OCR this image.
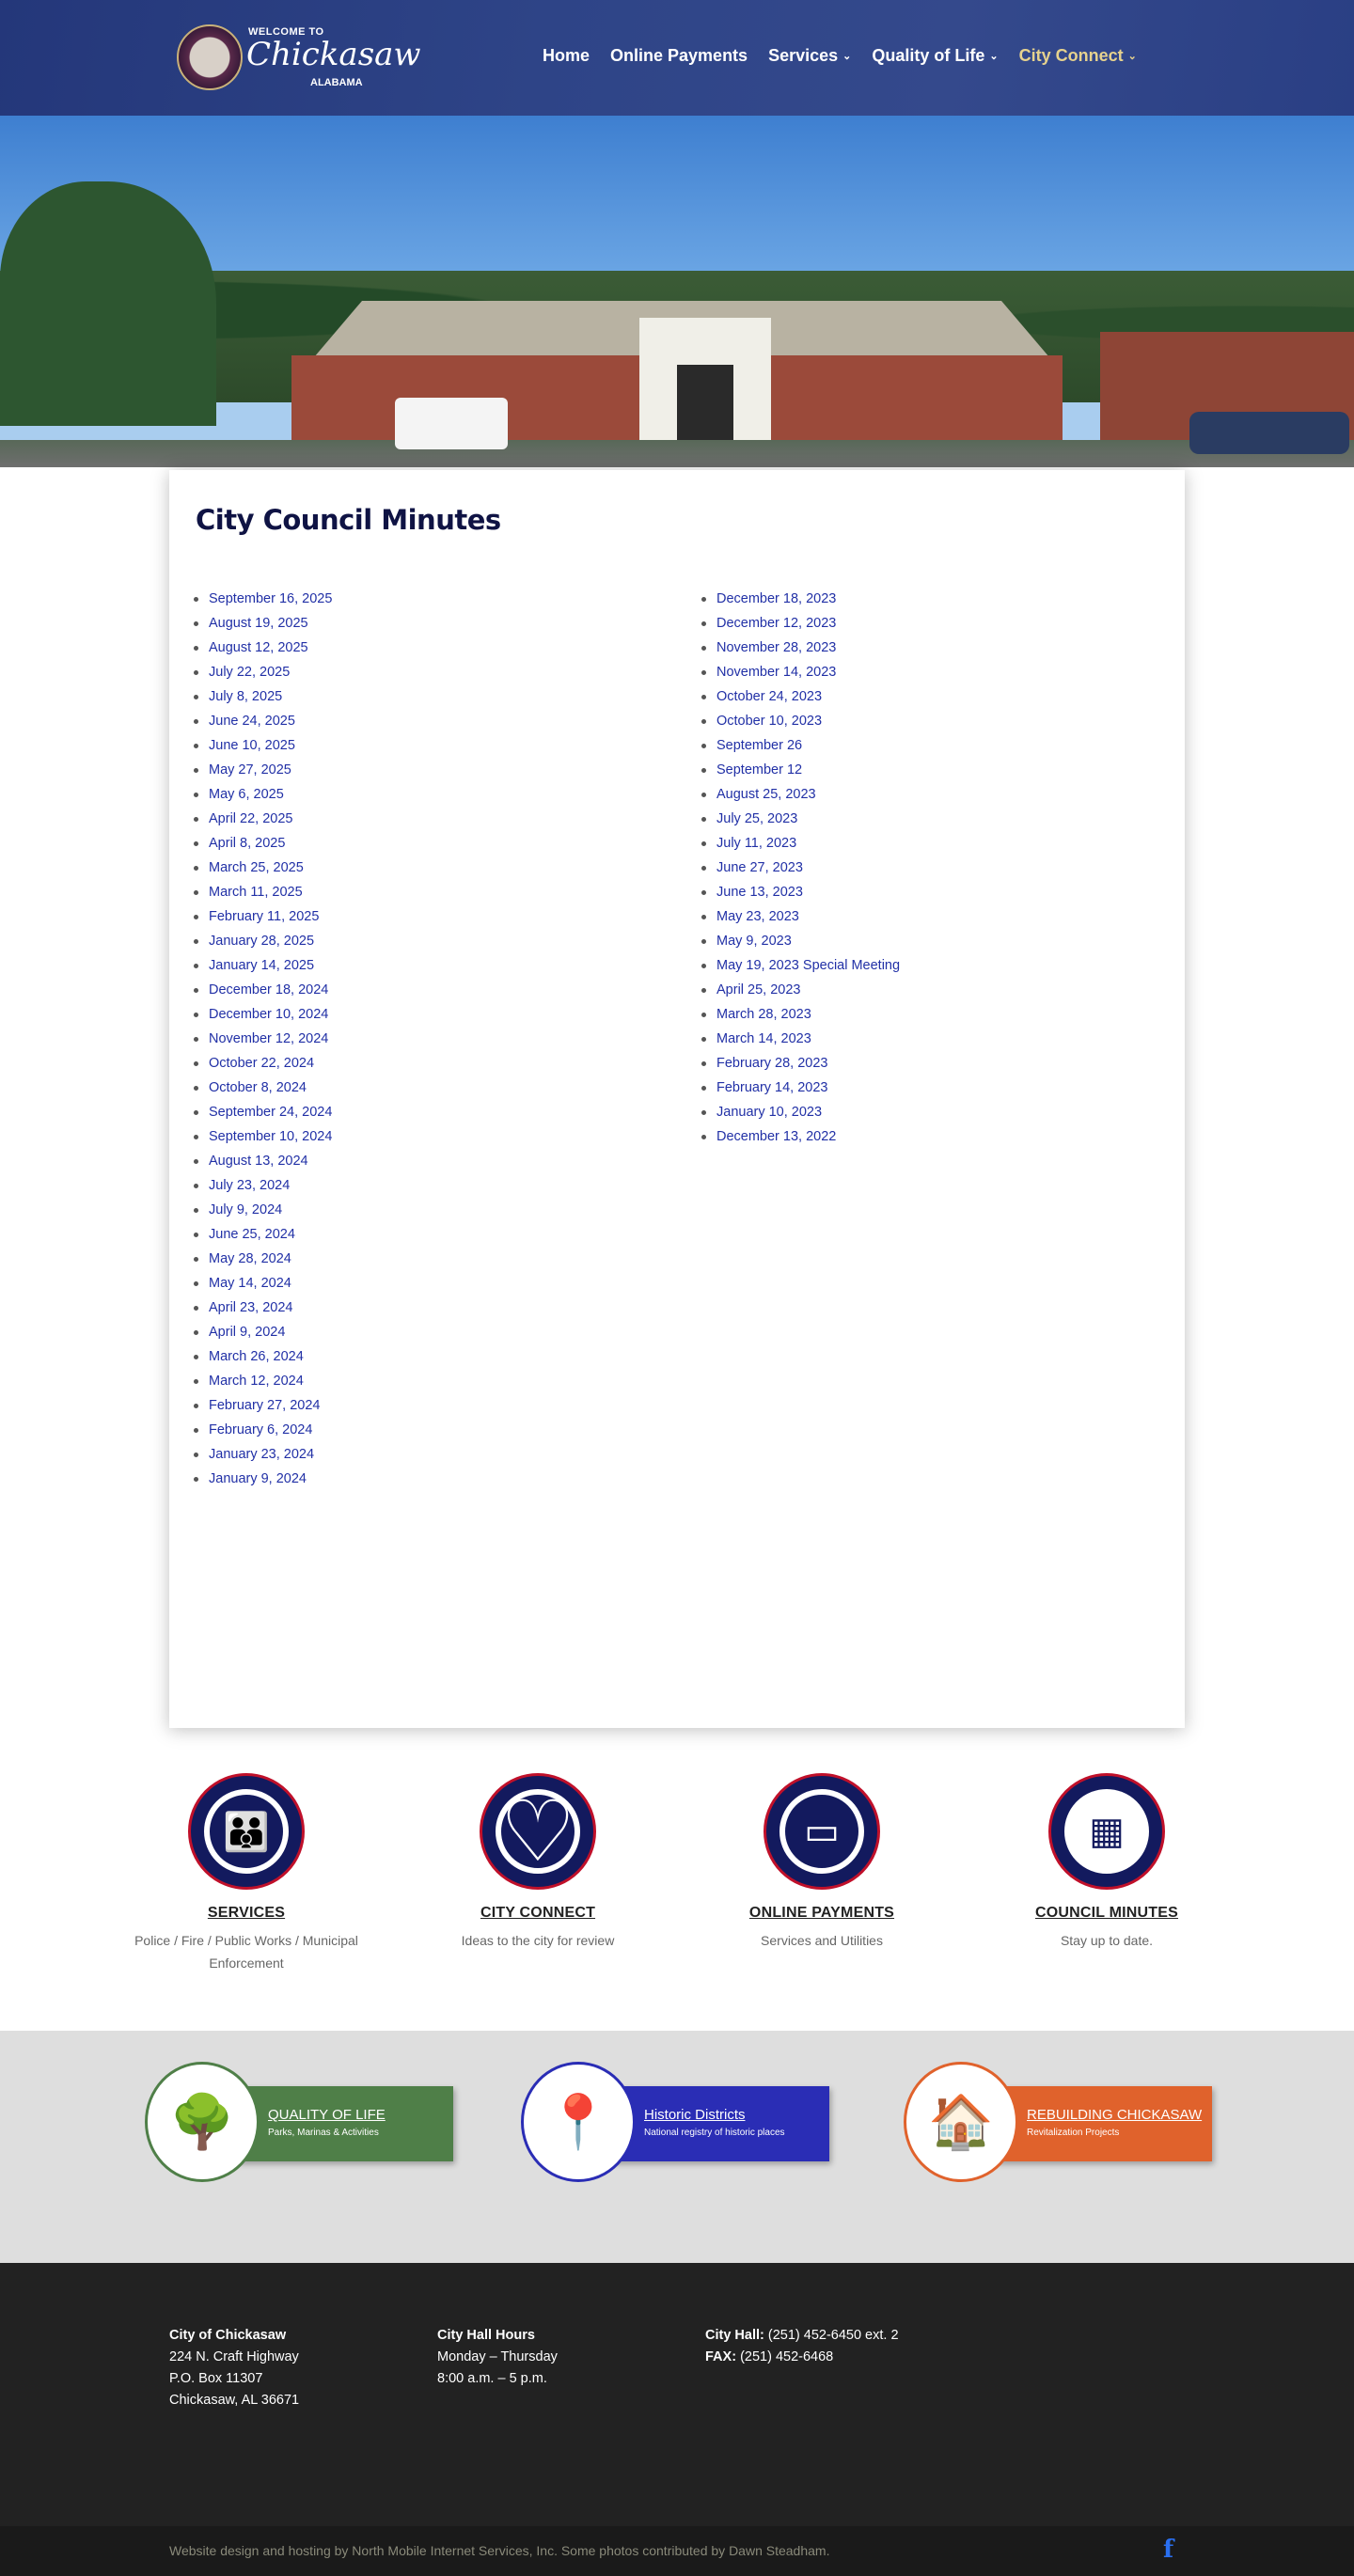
WELCOME TO
Chickasaw
ALABAMA
Home Online Payments Services ⌄ Quality of Life ⌄ City Connect ⌄
City Council Minutes
September 16, 2025
August 19, 2025
August 12, 2025
July 22, 2025
July 8, 2025
June 24, 2025
June 10, 2025
May 27, 2025
May 6, 2025
April 22, 2025
April 8, 2025
March 25, 2025
March 11, 2025
February 11, 2025
January 28, 2025
January 14, 2025
December 18, 2024
December 10, 2024
November 12, 2024
October 22, 2024
October 8, 2024
September 24, 2024
September 10, 2024
August 13, 2024
July 23, 2024
July 9, 2024
June 25, 2024
May 28, 2024
May 14, 2024
April 23, 2024
April 9, 2024
March 26, 2024
March 12, 2024
February 27, 2024
February 6, 2024
January 23, 2024
January 9, 2024
December 18, 2023
December 12, 2023
November 28, 2023
November 14, 2023
October 24, 2023
October 10, 2023
September 26
September 12
August 25, 2023
July 25, 2023
July 11, 2023
June 27, 2023
June 13, 2023
May 23, 2023
May 9, 2023
May 19, 2023 Special Meeting
April 25, 2023
March 28, 2023
March 14, 2023
February 28, 2023
February 14, 2023
January 10, 2023
December 13, 2022
👪
SERVICES
Police / Fire / Public Works / Municipal Enforcement
♡
CITY CONNECT
Ideas to the city for review
▭
ONLINE PAYMENTS
Services and Utilities
▦
COUNCIL MINUTES
Stay up to date.
🌳	QUALITY OF LIFE
Parks, Marinas & Activities	📍	Historic Districts
National registry of historic places	🏠	REBUILDING CHICKASAW
Revitalization Projects
City of Chickasaw
224 N. Craft Highway
P.O. Box 11307
Chickasaw, AL 36671
City Hall Hours
Monday – Thursday
8:00 a.m. – 5 p.m.
City Hall: (251) 452-6450 ext. 2
FAX: (251) 452-6468
Website design and hosting by North Mobile Internet Services, Inc. Some photos contributed by Dawn Steadham.	f
